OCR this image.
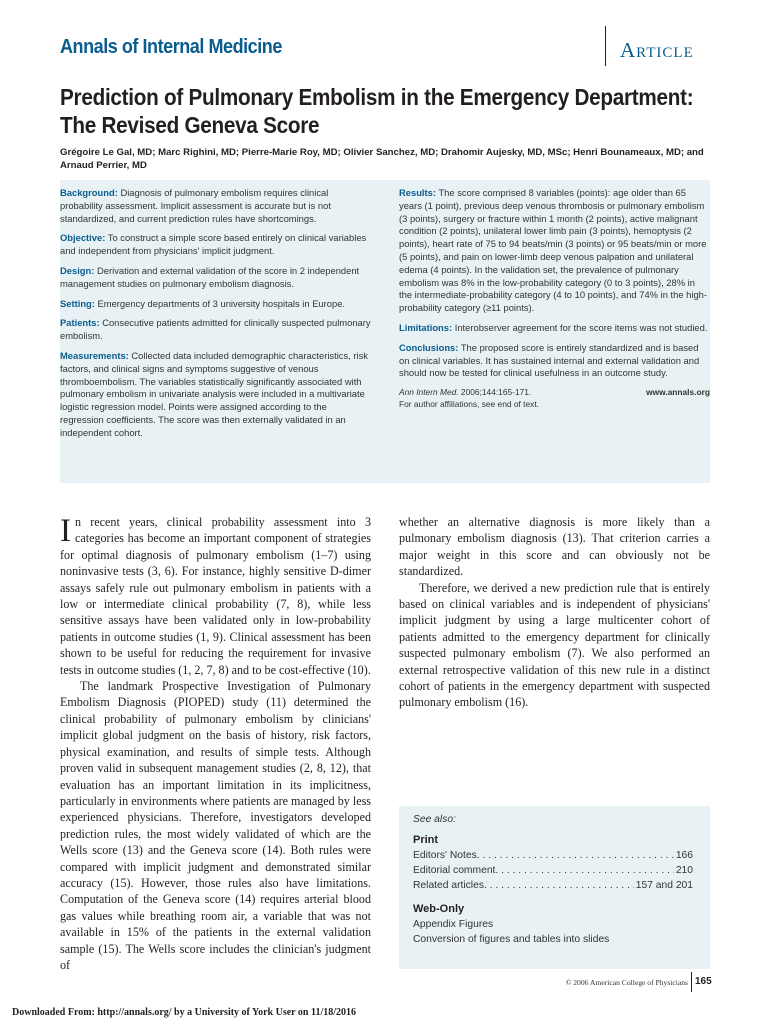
Annals of Internal Medicine	Article
Prediction of Pulmonary Embolism in the Emergency Department:
The Revised Geneva Score
Grégoire Le Gal, MD; Marc Righini, MD; Pierre-Marie Roy, MD; Olivier Sanchez, MD; Drahomir Aujesky, MD, MSc; Henri Bounameaux, MD; and Arnaud Perrier, MD

Background: Diagnosis of pulmonary embolism requires clinical probability assessment. Implicit assessment is accurate but is not standardized, and current prediction rules have shortcomings.

Objective: To construct a simple score based entirely on clinical variables and independent from physicians' implicit judgment.

Design: Derivation and external validation of the score in 2 independent management studies on pulmonary embolism diagnosis.

Setting: Emergency departments of 3 university hospitals in Europe.

Patients: Consecutive patients admitted for clinically suspected pulmonary embolism.

Measurements: Collected data included demographic characteristics, risk factors, and clinical signs and symptoms suggestive of venous thromboembolism. The variables statistically significantly associated with pulmonary embolism in univariate analysis were included in a multivariate logistic regression model. Points were assigned according to the regression coefficients. The score was then externally validated in an independent cohort.

Results: The score comprised 8 variables (points): age older than 65 years (1 point), previous deep venous thrombosis or pulmonary embolism (3 points), surgery or fracture within 1 month (2 points), active malignant condition (2 points), unilateral lower limb pain (3 points), hemoptysis (2 points), heart rate of 75 to 94 beats/min (3 points) or 95 beats/min or more (5 points), and pain on lower-limb deep venous palpation and unilateral edema (4 points). In the validation set, the prevalence of pulmonary embolism was 8% in the low-probability category (0 to 3 points), 28% in the intermediate-probability category (4 to 10 points), and 74% in the high-probability category (≥11 points).

Limitations: Interobserver agreement for the score items was not studied.

Conclusions: The proposed score is entirely standardized and is based on clinical variables. It has sustained internal and external validation and should now be tested for clinical usefulness in an outcome study.

Ann Intern Med. 2006;144:165-171.	www.annals.org

For author affiliations, see end of text.

In recent years, clinical probability assessment into 3 categories has become an important component of strategies for optimal diagnosis of pulmonary embolism (1–7) using noninvasive tests (3, 6). For instance, highly sensitive D-dimer assays safely rule out pulmonary embolism in patients with a low or intermediate clinical probability (7, 8), while less sensitive assays have been validated only in low-probability patients in outcome studies (1, 9). Clinical assessment has been shown to be useful for reducing the requirement for invasive tests in outcome studies (1, 2, 7, 8) and to be cost-effective (10).

The landmark Prospective Investigation of Pulmonary Embolism Diagnosis (PIOPED) study (11) determined the clinical probability of pulmonary embolism by clinicians' implicit global judgment on the basis of history, risk factors, physical examination, and results of simple tests. Although proven valid in subsequent management studies (2, 8, 12), that evaluation has an important limitation in its implicitness, particularly in environments where patients are managed by less experienced physicians. Therefore, investigators developed prediction rules, the most widely validated of which are the Wells score (13) and the Geneva score (14). Both rules were compared with implicit judgment and demonstrated similar accuracy (15). However, those rules also have limitations. Computation of the Geneva score (14) requires arterial blood gas values while breathing room air, a variable that was not available in 15% of the patients in the external validation sample (15). The Wells score includes the clinician's judgment of

whether an alternative diagnosis is more likely than a pulmonary embolism diagnosis (13). That criterion carries a major weight in this score and can obviously not be standardized.

Therefore, we derived a new prediction rule that is entirely based on clinical variables and is independent of physicians' implicit judgment by using a large multicenter cohort of patients admitted to the emergency department for clinically suspected pulmonary embolism (7). We also performed an external retrospective validation of this new rule in a distinct cohort of patients in the emergency department with suspected pulmonary embolism (16).

See also:
Print
Editors' Notes . . .	166
Editorial comment . . .	210
Related articles . . .	157 and 201
Web-Only
Appendix Figures
Conversion of figures and tables into slides
© 2006 American College of Physicians 165
Downloaded From: http://annals.org/ by a University of York User on 11/18/2016
